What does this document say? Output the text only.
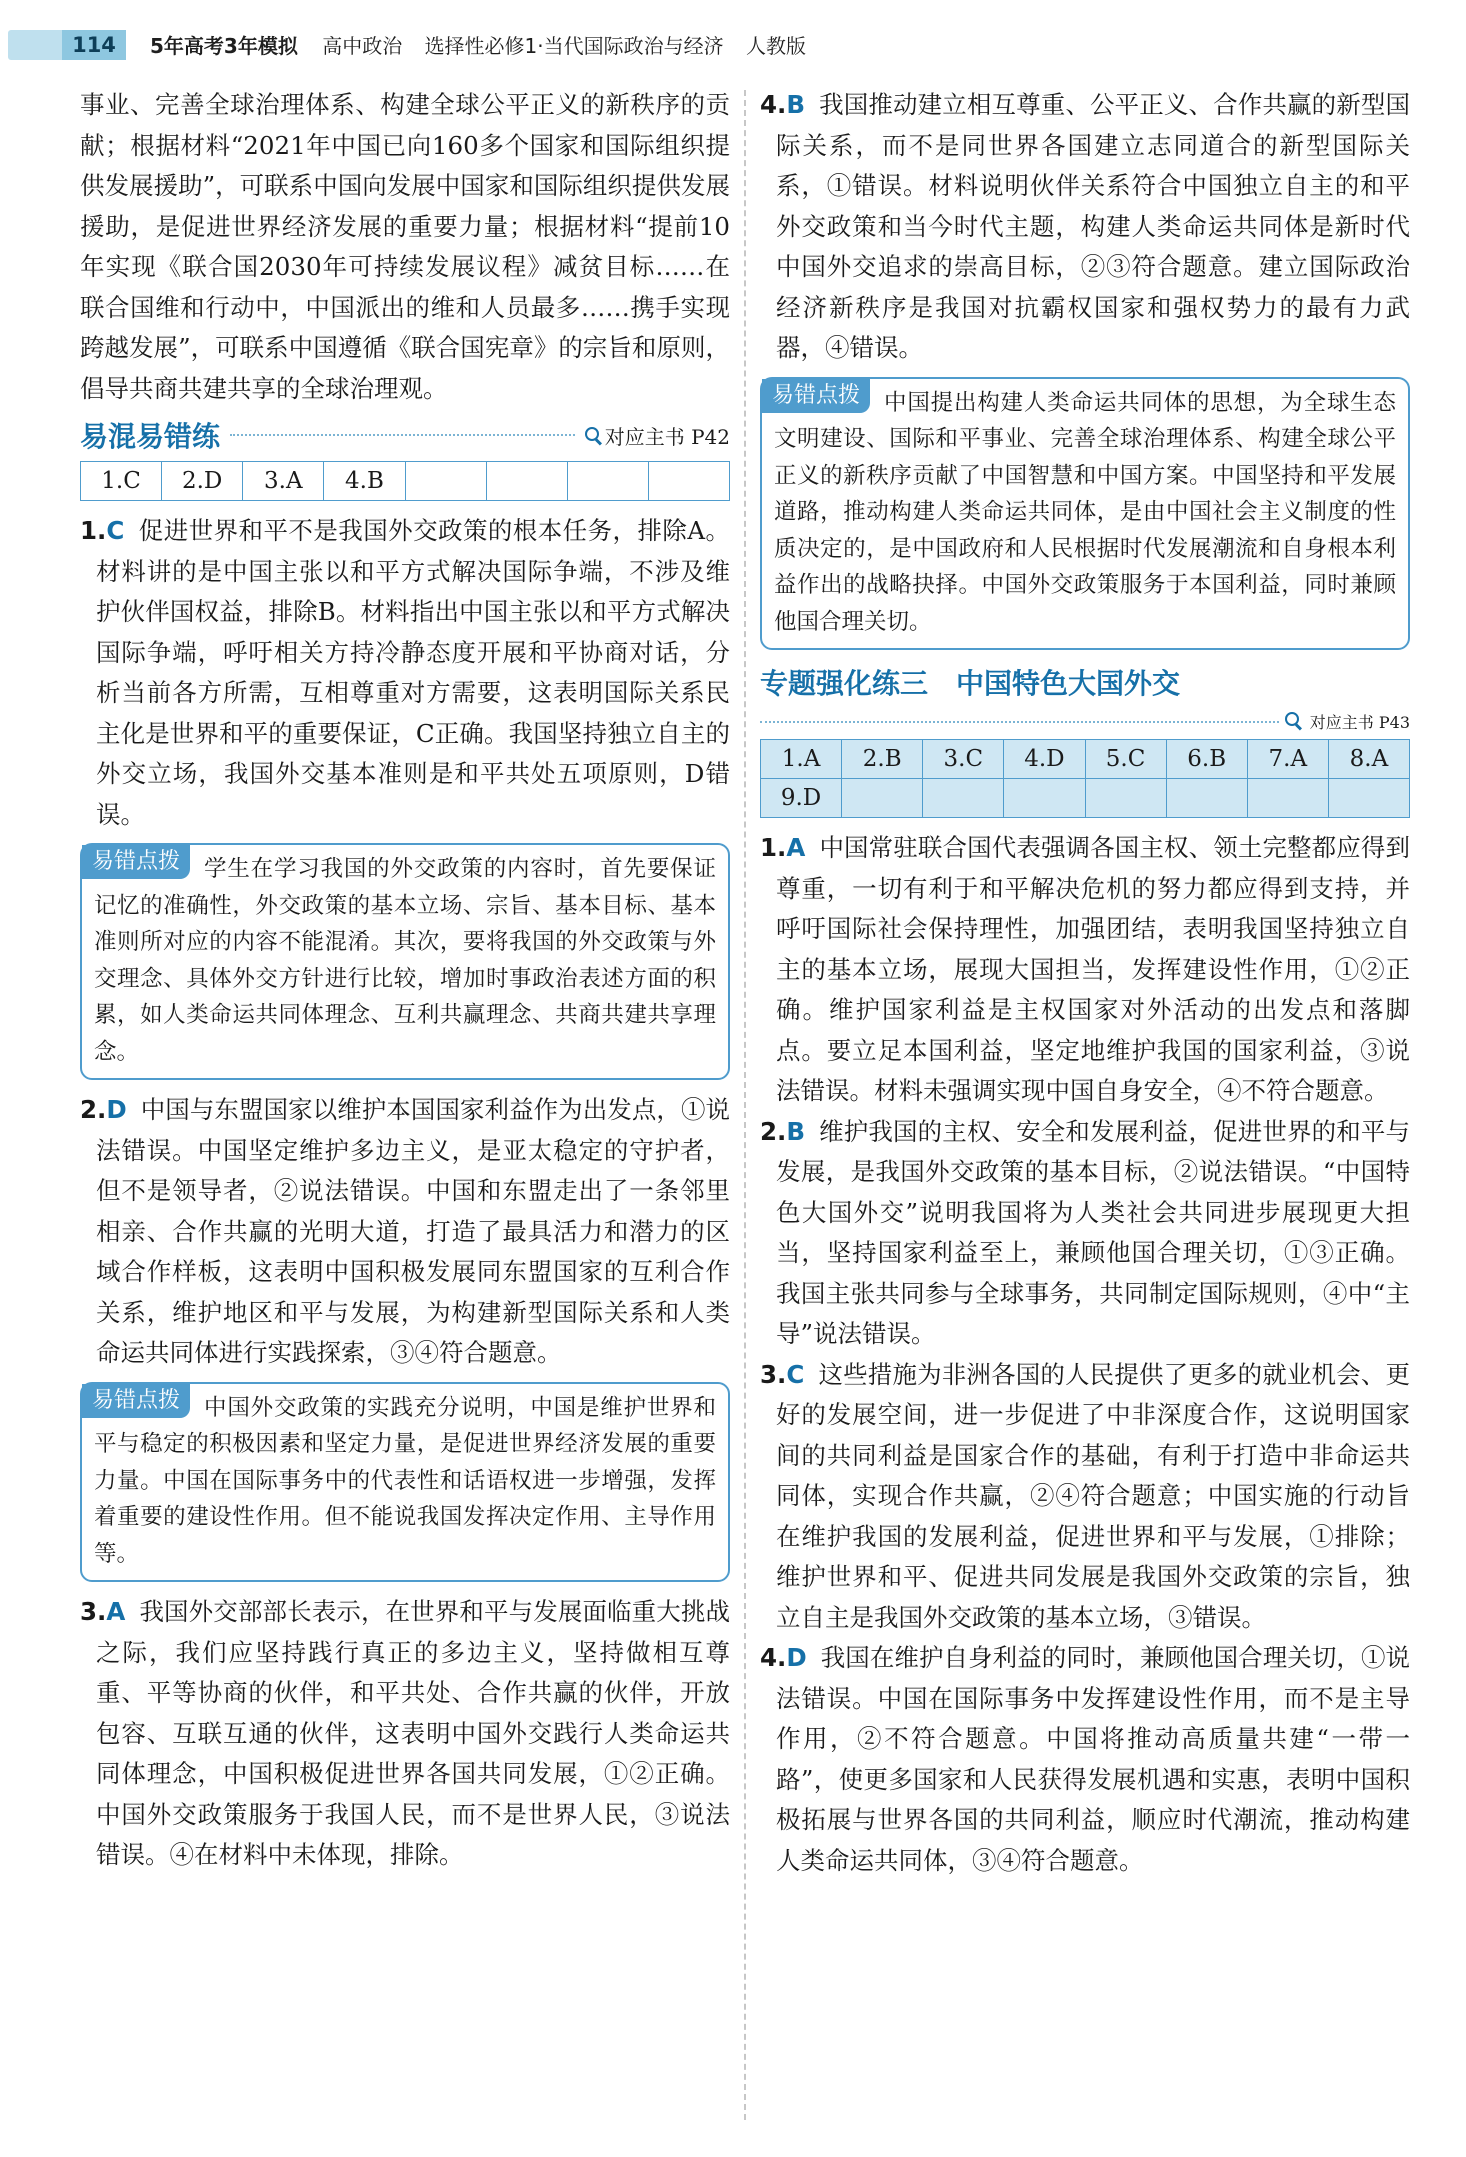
114	5年高考3年模拟 高中政治 选择性必修1·当代国际政治与经济 人教版

事业、完善全球治理体系、构建全球公平正义的新秩序的贡献；根据材料“2021年中国已向160多个国家和国际组织提供发展援助”，可联系中国向发展中国家和国际组织提供发展援助，是促进世界经济发展的重要力量；根据材料“提前10年实现《联合国2030年可持续发展议程》减贫目标……在联合国维和行动中，中国派出的维和人员最多……携手实现跨越发展”，可联系中国遵循《联合国宪章》的宗旨和原则，倡导共商共建共享的全球治理观。

易混易错练	对应主书 P42
1.C	2.D	3.A	4.B				
1.C 促进世界和平不是我国外交政策的根本任务，排除A。材料讲的是中国主张以和平方式解决国际争端，不涉及维护伙伴国权益，排除B。材料指出中国主张以和平方式解决国际争端，呼吁相关方持冷静态度开展和平协商对话，分析当前各方所需，互相尊重对方需要，这表明国际关系民主化是世界和平的重要保证，C正确。我国坚持独立自主的外交立场，我国外交基本准则是和平共处五项原则，D错误。
易错点拨	学生在学习我国的外交政策的内容时，首先要保证记忆的准确性，外交政策的基本立场、宗旨、基本目标、基本准则所对应的内容不能混淆。其次，要将我国的外交政策与外交理念、具体外交方针进行比较，增加时事政治表述方面的积累，如人类命运共同体理念、互利共赢理念、共商共建共享理念。
2.D 中国与东盟国家以维护本国国家利益作为出发点，①说法错误。中国坚定维护多边主义，是亚太稳定的守护者，但不是领导者，②说法错误。中国和东盟走出了一条邻里相亲、合作共赢的光明大道，打造了最具活力和潜力的区域合作样板，这表明中国积极发展同东盟国家的互利合作关系，维护地区和平与发展，为构建新型国际关系和人类命运共同体进行实践探索，③④符合题意。
易错点拨	中国外交政策的实践充分说明，中国是维护世界和平与稳定的积极因素和坚定力量，是促进世界经济发展的重要力量。中国在国际事务中的代表性和话语权进一步增强，发挥着重要的建设性作用。但不能说我国发挥决定作用、主导作用等。
3.A 我国外交部部长表示，在世界和平与发展面临重大挑战之际，我们应坚持践行真正的多边主义，坚持做相互尊重、平等协商的伙伴，和平共处、合作共赢的伙伴，开放包容、互联互通的伙伴，这表明中国外交践行人类命运共同体理念，中国积极促进世界各国共同发展，①②正确。中国外交政策服务于我国人民，而不是世界人民，③说法错误。④在材料中未体现，排除。
4.B 我国推动建立相互尊重、公平正义、合作共赢的新型国际关系，而不是同世界各国建立志同道合的新型国际关系，①错误。材料说明伙伴关系符合中国独立自主的和平外交政策和当今时代主题，构建人类命运共同体是新时代中国外交追求的崇高目标，②③符合题意。建立国际政治经济新秩序是我国对抗霸权国家和强权势力的最有力武器，④错误。
易错点拨	中国提出构建人类命运共同体的思想，为全球生态文明建设、国际和平事业、完善全球治理体系、构建全球公平正义的新秩序贡献了中国智慧和中国方案。中国坚持和平发展道路，推动构建人类命运共同体，是由中国社会主义制度的性质决定的，是中国政府和人民根据时代发展潮流和自身根本利益作出的战略抉择。中国外交政策服务于本国利益，同时兼顾他国合理关切。
专题强化练三　中国特色大国外交
对应主书 P43
1.A	2.B	3.C	4.D	5.C	6.B	7.A	8.A
9.D							
1.A 中国常驻联合国代表强调各国主权、领土完整都应得到尊重，一切有利于和平解决危机的努力都应得到支持，并呼吁国际社会保持理性，加强团结，表明我国坚持独立自主的基本立场，展现大国担当，发挥建设性作用，①②正确。维护国家利益是主权国家对外活动的出发点和落脚点。要立足本国利益，坚定地维护我国的国家利益，③说法错误。材料未强调实现中国自身安全，④不符合题意。
2.B 维护我国的主权、安全和发展利益，促进世界的和平与发展，是我国外交政策的基本目标，②说法错误。“中国特色大国外交”说明我国将为人类社会共同进步展现更大担当，坚持国家利益至上，兼顾他国合理关切，①③正确。我国主张共同参与全球事务，共同制定国际规则，④中“主导”说法错误。
3.C 这些措施为非洲各国的人民提供了更多的就业机会、更好的发展空间，进一步促进了中非深度合作，这说明国家间的共同利益是国家合作的基础，有利于打造中非命运共同体，实现合作共赢，②④符合题意；中国实施的行动旨在维护我国的发展利益，促进世界和平与发展，①排除；维护世界和平、促进共同发展是我国外交政策的宗旨，独立自主是我国外交政策的基本立场，③错误。
4.D 我国在维护自身利益的同时，兼顾他国合理关切，①说法错误。中国在国际事务中发挥建设性作用，而不是主导作用，②不符合题意。中国将推动高质量共建“一带一路”，使更多国家和人民获得发展机遇和实惠，表明中国积极拓展与世界各国的共同利益，顺应时代潮流，推动构建人类命运共同体，③④符合题意。
